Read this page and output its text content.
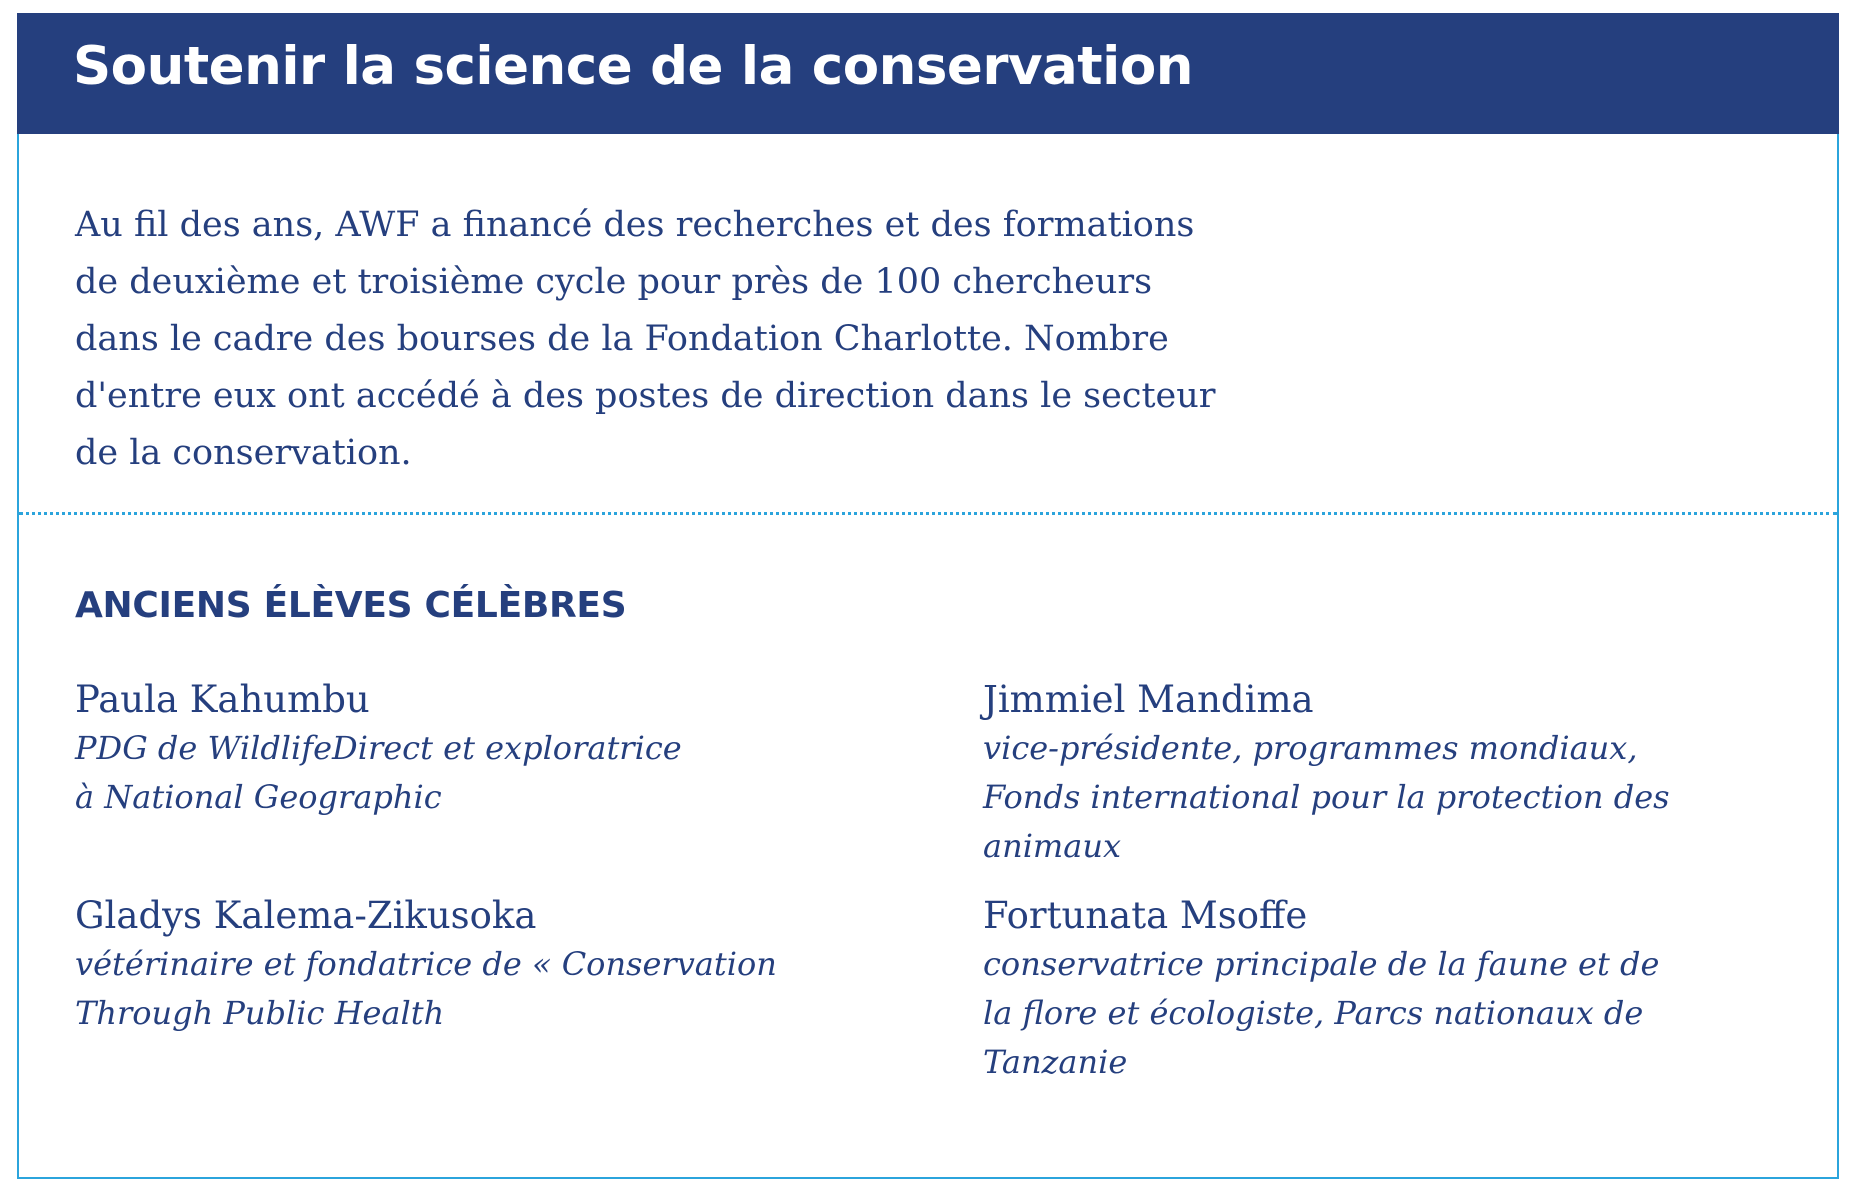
Soutenir la science de la conservation

Au fil des ans, AWF a financé des recherches et des formations
de deuxième et troisième cycle pour près de 100 chercheurs
dans le cadre des bourses de la Fondation Charlotte. Nombre
d'entre eux ont accédé à des postes de direction dans le secteur
de la conservation.

ANCIENS ÉLÈVES CÉLÈBRES

Paula Kahumbu

PDG de WildlifeDirect et exploratrice
à National Geographic

Jimmiel Mandima

vice-présidente, programmes mondiaux,
Fonds international pour la protection des
animaux

Gladys Kalema-Zikusoka

vétérinaire et fondatrice de « Conservation
Through Public Health

Fortunata Msoffe

conservatrice principale de la faune et de
la flore et écologiste, Parcs nationaux de
Tanzanie
